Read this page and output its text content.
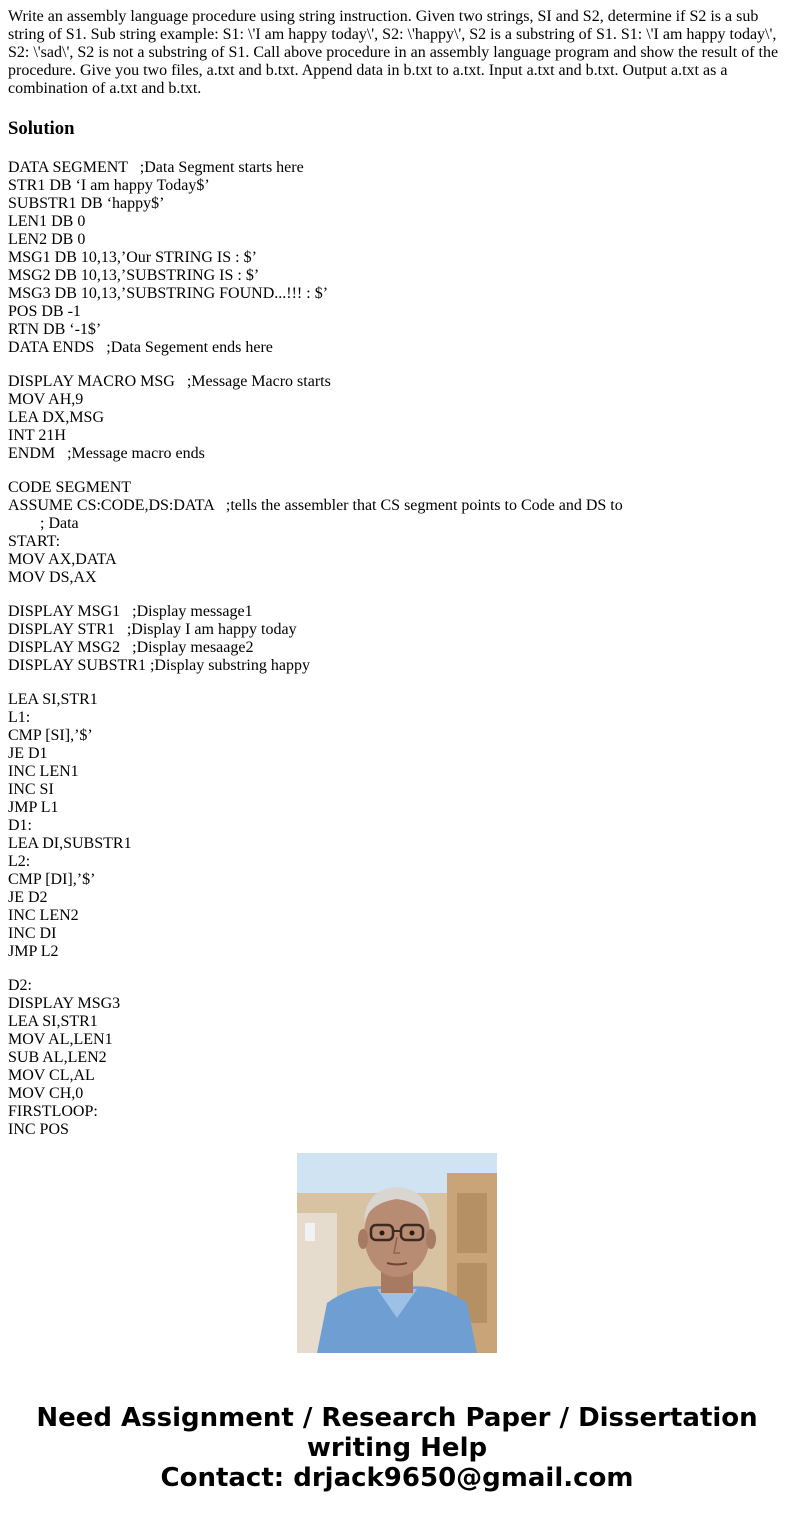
Write an assembly language procedure using string instruction. Given two strings, SI and S2, determine if S2 is a sub string of S1. Sub string example: S1: \'I am happy today\', S2: \'happy\', S2 is a substring of S1. S1: \'I am happy today\', S2: \'sad\', S2 is not a substring of S1. Call above procedure in an assembly language program and show the result of the procedure. Give you two files, a.txt and b.txt. Append data in b.txt to a.txt. Input a.txt and b.txt. Output a.txt as a combination of a.txt and b.txt.

Solution
DATA SEGMENT   ;Data Segment starts here
STR1 DB ‘I am happy Today$’
SUBSTR1 DB ‘happy$’
LEN1 DB 0
LEN2 DB 0
MSG1 DB 10,13,’Our STRING IS : $’
MSG2 DB 10,13,’SUBSTRING IS : $’
MSG3 DB 10,13,’SUBSTRING FOUND...!!! : $’
POS DB -1
RTN DB ‘-1$’
DATA ENDS   ;Data Segement ends here
DISPLAY MACRO MSG   ;Message Macro starts
MOV AH,9
LEA DX,MSG
INT 21H
ENDM   ;Message macro ends
CODE SEGMENT
ASSUME CS:CODE,DS:DATA   ;tells the assembler that CS segment points to Code and DS to
; Data
START:
MOV AX,DATA
MOV DS,AX
DISPLAY MSG1   ;Display message1
DISPLAY STR1   ;Display I am happy today
DISPLAY MSG2   ;Display mesaage2
DISPLAY SUBSTR1 ;Display substring happy
LEA SI,STR1
L1:
CMP [SI],’$’
JE D1
INC LEN1
INC SI
JMP L1
D1:
LEA DI,SUBSTR1
L2:
CMP [DI],’$’
JE D2
INC LEN2
INC DI
JMP L2
D2:
DISPLAY MSG3
LEA SI,STR1
MOV AL,LEN1
SUB AL,LEN2
MOV CL,AL
MOV CH,0
FIRSTLOOP:
INC POS
Need Assignment / Research Paper / Dissertation
writing Help
Contact: drjack9650@gmail.com
